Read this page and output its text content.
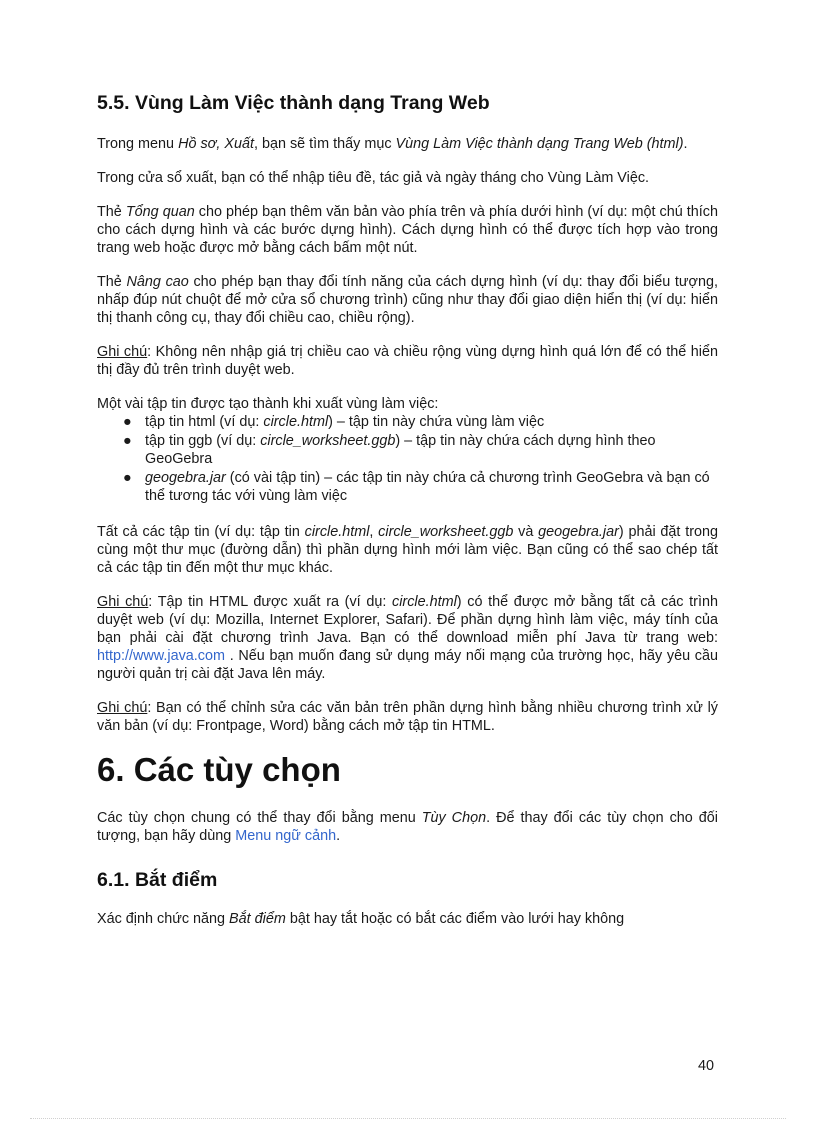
5.5. Vùng Làm Việc thành dạng Trang Web

Trong menu Hồ sơ, Xuất, bạn sẽ tìm thấy mục Vùng Làm Việc thành dạng Trang Web (html).

Trong cửa sổ xuất, bạn có thể nhập tiêu đề, tác giả và ngày tháng cho Vùng Làm Việc.

Thẻ Tổng quan cho phép bạn thêm văn bản vào phía trên và phía dưới hình (ví dụ: một chú thích cho cách dựng hình và các bước dựng hình). Cách dựng hình có thể được tích hợp vào trong trang web hoặc được mở bằng cách bấm một nút.

Thẻ Nâng cao cho phép bạn thay đổi tính năng của cách dựng hình (ví dụ: thay đổi biểu tượng, nhấp đúp nút chuột để mở cửa sổ chương trình) cũng như thay đổi giao diện hiển thị (ví dụ: hiển thị thanh công cụ, thay đổi chiều cao, chiều rộng).

Ghi chú: Không nên nhập giá trị chiều cao và chiều rộng vùng dựng hình quá lớn để có thể hiển thị đầy đủ trên trình duyệt web.

Một vài tập tin được tạo thành khi xuất vùng làm việc:

● tập tin html (ví dụ: circle.html) – tập tin này chứa vùng làm việc
● tập tin ggb (ví dụ: circle_worksheet.ggb) – tập tin này chứa cách dựng hình theo GeoGebra
● geogebra.jar (có vài tập tin) – các tập tin này chứa cả chương trình GeoGebra và bạn có thể tương tác với vùng làm việc

Tất cả các tập tin (ví dụ: tập tin circle.html, circle_worksheet.ggb và geogebra.jar) phải đặt trong cùng một thư mục (đường dẫn) thì phần dựng hình mới làm việc. Bạn cũng có thể sao chép tất cả các tập tin đến một thư mục khác.

Ghi chú: Tập tin HTML được xuất ra (ví dụ: circle.html) có thể được mở bằng tất cả các trình duyệt web (ví dụ: Mozilla, Internet Explorer, Safari). Để phần dựng hình làm việc, máy tính của bạn phải cài đặt chương trình Java. Bạn có thể download miễn phí Java từ trang web: http://www.java.com . Nếu bạn muốn đang sử dụng máy nối mạng của trường học, hãy yêu cầu người quản trị cài đặt Java lên máy.

Ghi chú: Bạn có thể chỉnh sửa các văn bản trên phần dựng hình bằng nhiều chương trình xử lý văn bản (ví dụ: Frontpage, Word) bằng cách mở tập tin HTML.

6. Các tùy chọn

Các tùy chọn chung có thể thay đổi bằng menu Tùy Chọn. Để thay đổi các tùy chọn cho đối tượng, bạn hãy dùng Menu ngữ cảnh.

6.1. Bắt điểm

Xác định chức năng Bắt điểm bật hay tắt hoặc có bắt các điểm vào lưới hay không

40
